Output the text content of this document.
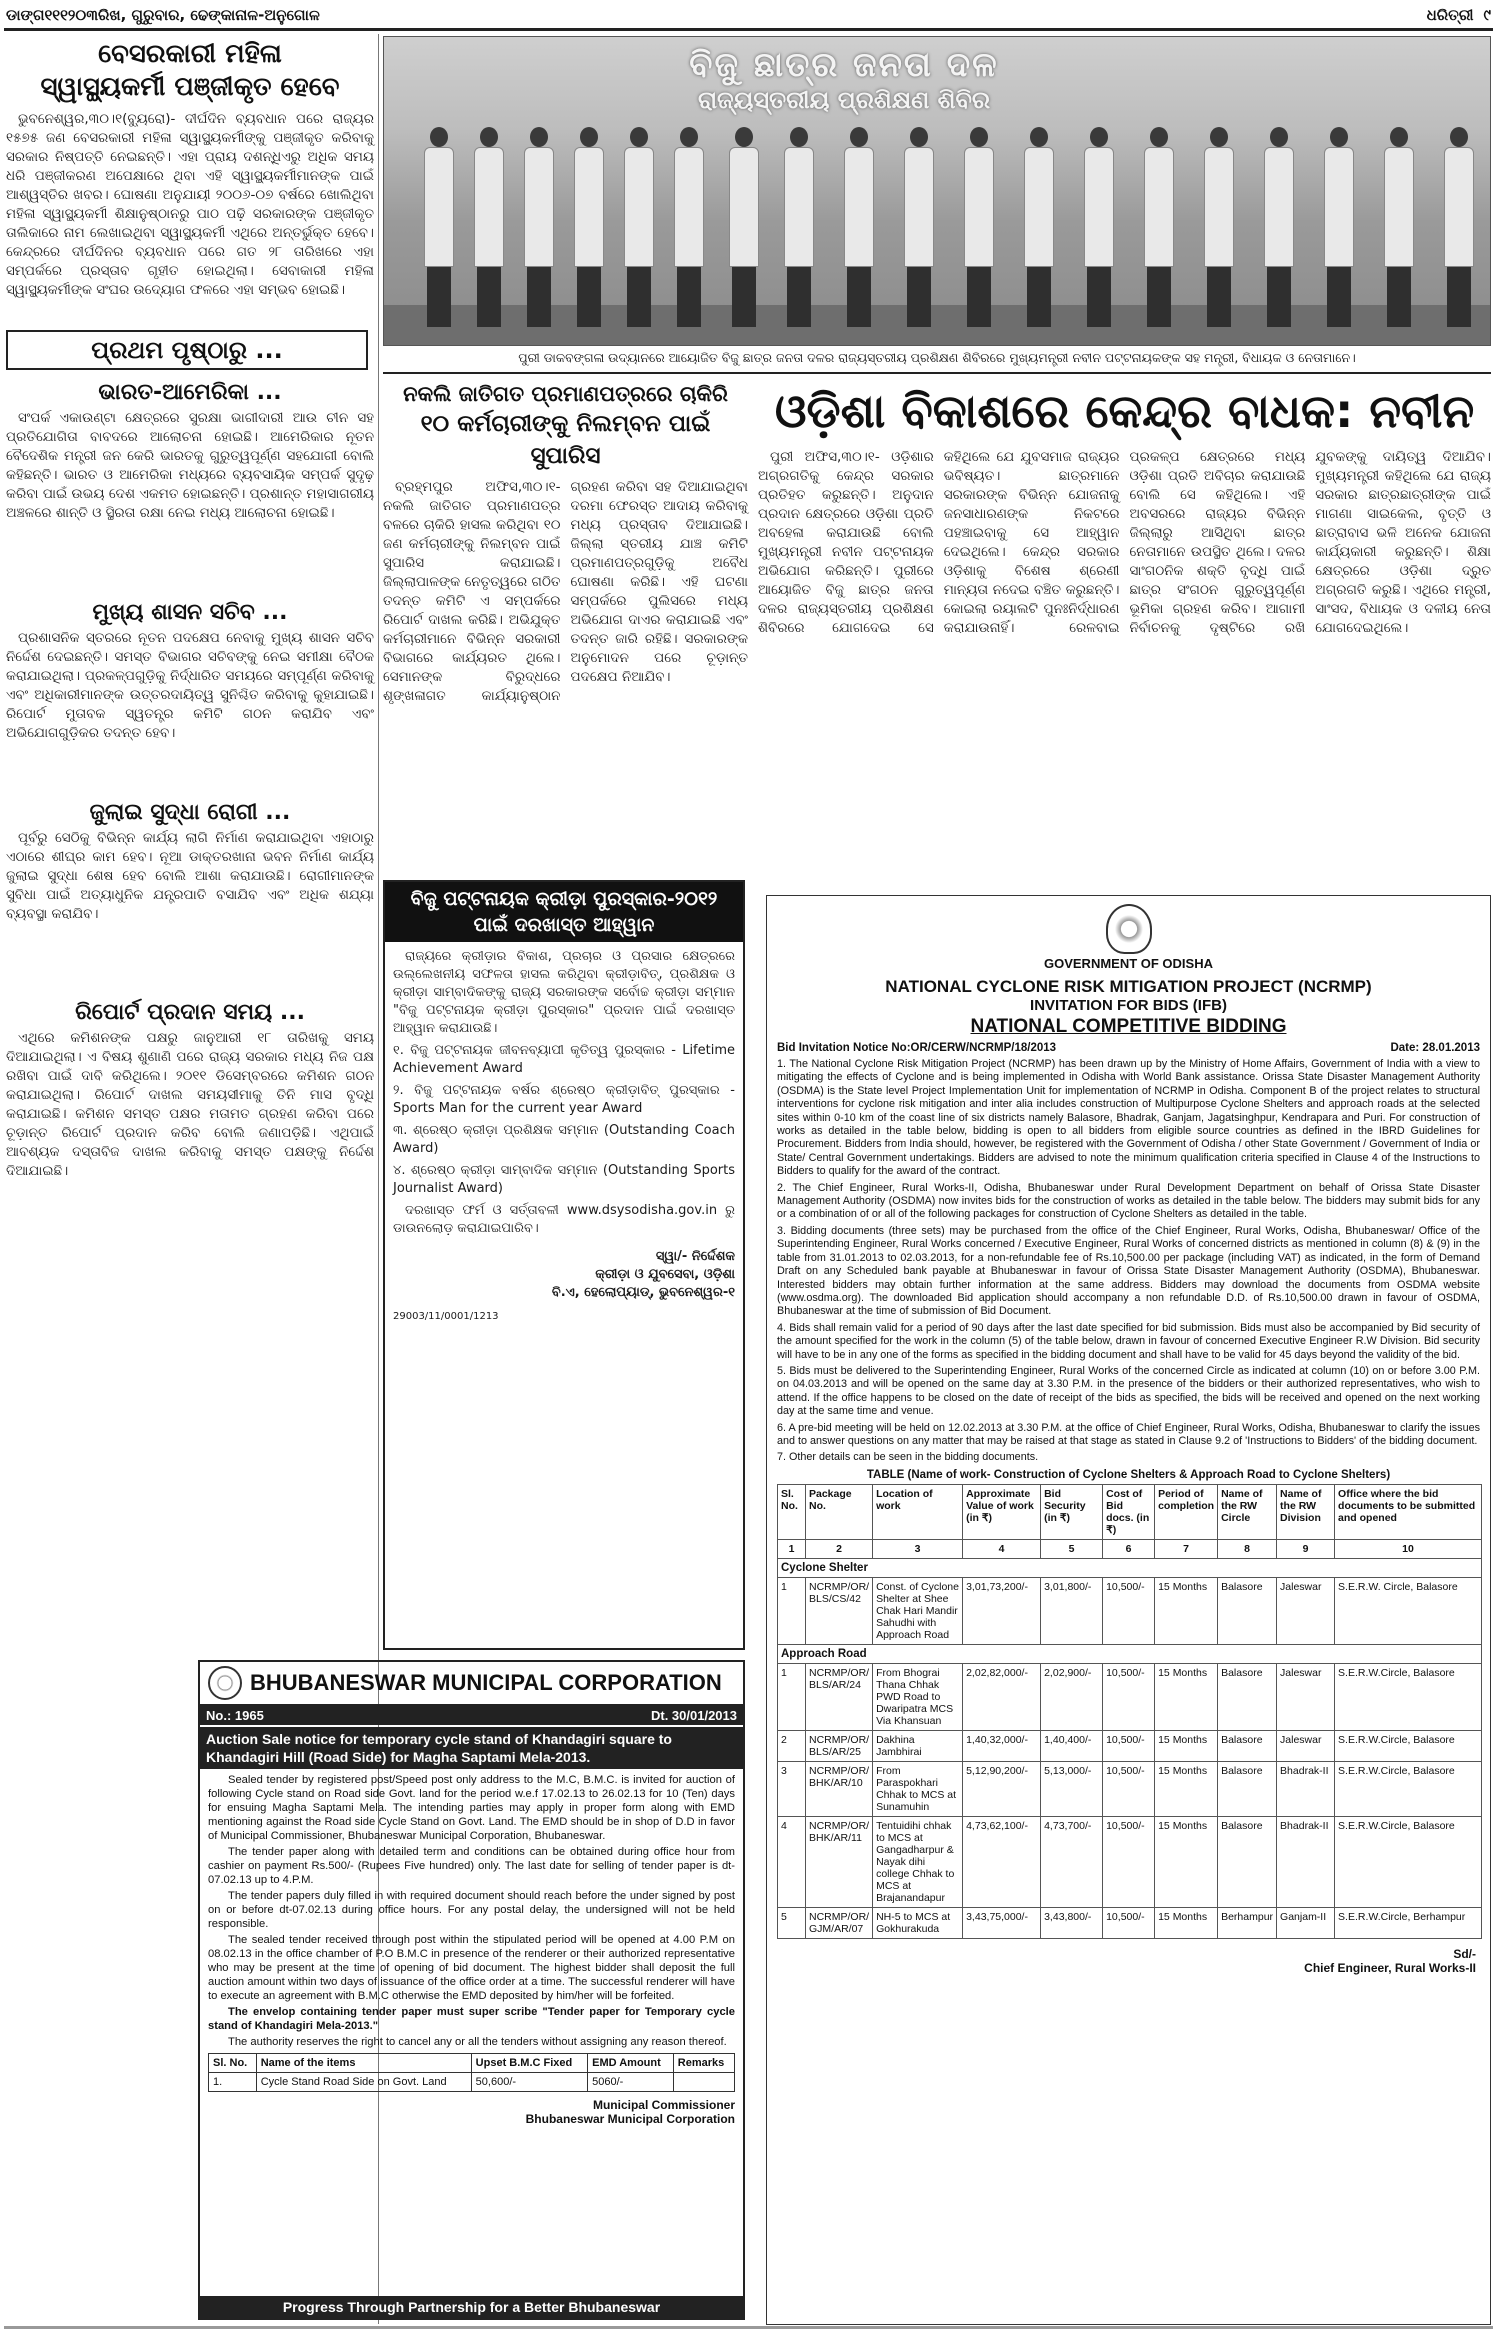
ଡାଙ୍ଗ୧୧୧୨୦୩ରିଖ, ଗୁରୁବାର, ଢେଙ୍କାନାଳ-ଅନୁଗୋଳ	ଧରିତ୍ରୀ ୯
ବେସରକାରୀ ମହିଳା
ସ୍ୱାସ୍ଥ୍ୟକର୍ମୀ ପଞ୍ଜୀକୃତ ହେବେ

ଭୁବନେଶ୍ୱର,୩୦।୧(ବ୍ୟୁରୋ)- ଦୀର୍ଘଦିନ ବ୍ୟବଧାନ ପରେ ରାଜ୍ୟର ୧୫୭୫ ଜଣ ବେସରକାରୀ ମହିଳା ସ୍ୱାସ୍ଥ୍ୟକର୍ମୀଙ୍କୁ ପଞ୍ଜୀକୃତ କରିବାକୁ ସରକାର ନିଷ୍ପତ୍ତି ନେଇଛନ୍ତି। ଏହା ପ୍ରାୟ ଦଶନ୍ଧିଏରୁ ଅଧିକ ସମୟ ଧରି ପଞ୍ଜୀକରଣ ଅପେକ୍ଷାରେ ଥିବା ଏହି ସ୍ୱାସ୍ଥ୍ୟକର୍ମୀମାନଙ୍କ ପାଇଁ ଆଶ୍ୱସ୍ତିର ଖବର। ଘୋଷଣା ଅନୁଯାୟୀ ୨୦୦୬-୦୭ ବର୍ଷରେ ଖୋଲିଥିବା ମହିଳା ସ୍ୱାସ୍ଥ୍ୟକର୍ମୀ ଶିକ୍ଷାନୁଷ୍ଠାନରୁ ପାଠ ପଢ଼ି ସରକାରଙ୍କ ପଞ୍ଜୀକୃତ ତାଲିକାରେ ନାମ ଲେଖାଇଥିବା ସ୍ୱାସ୍ଥ୍ୟକର୍ମୀ ଏଥିରେ ଅନ୍ତର୍ଭୁକ୍ତ ହେବେ। କେନ୍ଦ୍ରରେ ଦୀର୍ଘଦିନର ବ୍ୟବଧାନ ପରେ ଗତ ୨୮ ତାରିଖରେ ଏହା ସମ୍ପର୍କରେ ପ୍ରସ୍ତାବ ଗୃହୀତ ହୋଇଥିଲା। ସେବାକାରୀ ମହିଳା ସ୍ୱାସ୍ଥ୍ୟକର୍ମୀଙ୍କ ସଂଘର ଉଦ୍ୟୋଗ ଫଳରେ ଏହା ସମ୍ଭବ ହୋଇଛି।

ପ୍ରଥମ ପୃଷ୍ଠାରୁ ...
ଭାରତ-ଆମେରିକା ...

ସଂପର୍କ ଏକାଉଣ୍ଟା କ୍ଷେତ୍ରରେ ସୁରକ୍ଷା ଭାଗୀଦାରୀ ଆଉ ଚୀନ ସହ ପ୍ରତିଯୋଗିତା ବାବଦରେ ଆଲୋଚନା ହୋଇଛି। ଆମେରିକାର ନୂତନ ବୈଦେଶିକ ମନ୍ତ୍ରୀ ଜନ କେରି ଭାରତକୁ ଗୁରୁତ୍ୱପୂର୍ଣ୍ଣ ସହଯୋଗୀ ବୋଲି କହିଛନ୍ତି। ଭାରତ ଓ ଆମେରିକା ମଧ୍ୟରେ ବ୍ୟବସାୟିକ ସମ୍ପର୍କ ସୁଦୃଢ଼ କରିବା ପାଇଁ ଉଭୟ ଦେଶ ଏକମତ ହୋଇଛନ୍ତି। ପ୍ରଶାନ୍ତ ମହାସାଗରୀୟ ଅଞ୍ଚଳରେ ଶାନ୍ତି ଓ ସ୍ଥିରତା ରକ୍ଷା ନେଇ ମଧ୍ୟ ଆଲୋଚନା ହୋଇଛି।

ମୁଖ୍ୟ ଶାସନ ସଚିବ ...

ପ୍ରଶାସନିକ ସ୍ତରରେ ନୂତନ ପଦକ୍ଷେପ ନେବାକୁ ମୁଖ୍ୟ ଶାସନ ସଚିବ ନିର୍ଦ୍ଦେଶ ଦେଇଛନ୍ତି। ସମସ୍ତ ବିଭାଗର ସଚିବଙ୍କୁ ନେଇ ସମୀକ୍ଷା ବୈଠକ କରାଯାଇଥିଲା। ପ୍ରକଳ୍ପଗୁଡ଼ିକୁ ନିର୍ଦ୍ଧାରିତ ସମୟରେ ସମ୍ପୂର୍ଣ୍ଣ କରିବାକୁ ଏବଂ ଅଧିକାରୀମାନଙ୍କ ଉତ୍ତରଦାୟିତ୍ୱ ସୁନିଶ୍ଚିତ କରିବାକୁ କୁହାଯାଇଛି। ରିପୋର୍ଟ ମୁତାବକ ସ୍ୱତନ୍ତ୍ର କମିଟି ଗଠନ କରାଯିବ ଏବଂ ଅଭିଯୋଗଗୁଡ଼ିକର ତଦନ୍ତ ହେବ।

ଜୁଲାଇ ସୁଦ୍ଧା ରୋଗୀ ...

ପୂର୍ବରୁ ସେଠିକୁ ବିଭିନ୍ନ କାର୍ଯ୍ୟ ଲାଗି ନିର୍ମାଣ କରାଯାଇଥିବା ଏହାଠାରୁ ଏଠାରେ ଶୀଘ୍ର କାମ ହେବ। ନୂଆ ଡାକ୍ତରଖାନା ଭବନ ନିର୍ମାଣ କାର୍ଯ୍ୟ ଜୁଲାଇ ସୁଦ୍ଧା ଶେଷ ହେବ ବୋଲି ଆଶା କରାଯାଉଛି। ରୋଗୀମାନଙ୍କ ସୁବିଧା ପାଇଁ ଅତ୍ୟାଧୁନିକ ଯନ୍ତ୍ରପାତି ବସାଯିବ ଏବଂ ଅଧିକ ଶଯ୍ୟା ବ୍ୟବସ୍ଥା କରାଯିବ।

ରିପୋର୍ଟ ପ୍ରଦାନ ସମୟ ...

ଏଥିରେ କମିଶନଙ୍କ ପକ୍ଷରୁ ଜାନୁଆରୀ ୧୮ ତାରିଖକୁ ସମୟ ଦିଆଯାଇଥିଲା। ଏ ବିଷୟ ଶୁଣାଣି ପରେ ରାଜ୍ୟ ସରକାର ମଧ୍ୟ ନିଜ ପକ୍ଷ ରଖିବା ପାଇଁ ଦାବି କରିଥିଲେ। ୨୦୧୧ ଡିସେମ୍ବରରେ କମିଶନ ଗଠନ କରାଯାଇଥିଲା। ରିପୋର୍ଟ ଦାଖଲ ସମୟସୀମାକୁ ତିନି ମାସ ବୃଦ୍ଧି କରାଯାଇଛି। କମିଶନ ସମସ୍ତ ପକ୍ଷର ମତାମତ ଗ୍ରହଣ କରିବା ପରେ ଚୂଡ଼ାନ୍ତ ରିପୋର୍ଟ ପ୍ରଦାନ କରିବ ବୋଲି ଜଣାପଡ଼ିଛି। ଏଥିପାଇଁ ଆବଶ୍ୟକ ଦସ୍ତାବିଜ ଦାଖଲ କରିବାକୁ ସମସ୍ତ ପକ୍ଷଙ୍କୁ ନିର୍ଦ୍ଦେଶ ଦିଆଯାଇଛି।

ବିଜୁ ଛାତ୍ର ଜନତା ଦଳ
ରାଜ୍ୟସ୍ତରୀୟ ପ୍ରଶିକ୍ଷଣ ଶିବିର
ପୁରୀ ଡାକବଙ୍ଗଳା ଉଦ୍ୟାନରେ ଆୟୋଜିତ ବିଜୁ ଛାତ୍ର ଜନତା ଦଳର ରାଜ୍ୟସ୍ତରୀୟ ପ୍ରଶିକ୍ଷଣ ଶିବିରରେ ମୁଖ୍ୟମନ୍ତ୍ରୀ ନବୀନ ପଟ୍ଟନାୟକଙ୍କ ସହ ମନ୍ତ୍ରୀ, ବିଧାୟକ ଓ ନେତାମାନେ।
ନକଲି ଜାତିଗତ ପ୍ରମାଣପତ୍ରରେ ଚାକିରି
୧୦ କର୍ମଚାରୀଙ୍କୁ ନିଲମ୍ବନ ପାଇଁ ସୁପାରିସ

ବ୍ରହ୍ମପୁର ଅଫିସ,୩୦।୧- ନକଲି ଜାତିଗତ ପ୍ରମାଣପତ୍ର ବଳରେ ଚାକିରି ହାସଲ କରିଥିବା ୧୦ ଜଣ କର୍ମଚାରୀଙ୍କୁ ନିଲମ୍ବନ ପାଇଁ ସୁପାରିସ କରାଯାଇଛି। ଜିଲ୍ଲାପାଳଙ୍କ ନେତୃତ୍ୱରେ ଗଠିତ ତଦନ୍ତ କମିଟି ଏ ସମ୍ପର୍କରେ ରିପୋର୍ଟ ଦାଖଲ କରିଛି। ଅଭିଯୁକ୍ତ କର୍ମଚାରୀମାନେ ବିଭିନ୍ନ ସରକାରୀ ବିଭାଗରେ କାର୍ଯ୍ୟରତ ଥିଲେ। ସେମାନଙ୍କ ବିରୁଦ୍ଧରେ ଶୃଙ୍ଖଳାଗତ କାର୍ଯ୍ୟାନୁଷ୍ଠାନ ଗ୍ରହଣ କରିବା ସହ ଦିଆଯାଇଥିବା ଦରମା ଫେରସ୍ତ ଆଦାୟ କରିବାକୁ ମଧ୍ୟ ପ୍ରସ୍ତାବ ଦିଆଯାଇଛି। ଜିଲ୍ଲା ସ୍ତରୀୟ ଯାଞ୍ଚ କମିଟି ପ୍ରମାଣପତ୍ରଗୁଡ଼ିକୁ ଅବୈଧ ଘୋଷଣା କରିଛି। ଏହି ଘଟଣା ସମ୍ପର୍କରେ ପୁଲିସରେ ମଧ୍ୟ ଅଭିଯୋଗ ଦାଏର କରାଯାଇଛି ଏବଂ ତଦନ୍ତ ଜାରି ରହିଛି। ସରକାରଙ୍କ ଅନୁମୋଦନ ପରେ ଚୂଡ଼ାନ୍ତ ପଦକ୍ଷେପ ନିଆଯିବ।

ଓଡ଼ିଶା ବିକାଶରେ କେନ୍ଦ୍ର ବାଧକ: ନବୀନ

ପୁରୀ ଅଫିସ,୩୦।୧- ଓଡ଼ିଶାର ଅଗ୍ରଗତିକୁ କେନ୍ଦ୍ର ସରକାର ପ୍ରତିହତ କରୁଛନ୍ତି। ଅନୁଦାନ ପ୍ରଦାନ କ୍ଷେତ୍ରରେ ଓଡ଼ିଶା ପ୍ରତି ଅବହେଳା କରାଯାଉଛି ବୋଲି ମୁଖ୍ୟମନ୍ତ୍ରୀ ନବୀନ ପଟ୍ଟନାୟକ ଅଭିଯୋଗ କରିଛନ୍ତି। ପୁରୀରେ ଆୟୋଜିତ ବିଜୁ ଛାତ୍ର ଜନତା ଦଳର ରାଜ୍ୟସ୍ତରୀୟ ପ୍ରଶିକ୍ଷଣ ଶିବିରରେ ଯୋଗଦେଇ ସେ କହିଥିଲେ ଯେ ଯୁବସମାଜ ରାଜ୍ୟର ଭବିଷ୍ୟତ। ଛାତ୍ରମାନେ ସରକାରଙ୍କ ବିଭିନ୍ନ ଯୋଜନାକୁ ଜନସାଧାରଣଙ୍କ ନିକଟରେ ପହଞ୍ଚାଇବାକୁ ସେ ଆହ୍ୱାନ ଦେଇଥିଲେ। କେନ୍ଦ୍ର ସରକାର ଓଡ଼ିଶାକୁ ବିଶେଷ ଶ୍ରେଣୀ ମାନ୍ୟତା ନଦେଇ ବଞ୍ଚିତ କରୁଛନ୍ତି। କୋଇଲା ରୟାଲଟି ପୁନଃନିର୍ଦ୍ଧାରଣ କରାଯାଉନାହିଁ। ରେଳବାଇ ପ୍ରକଳ୍ପ କ୍ଷେତ୍ରରେ ମଧ୍ୟ ଓଡ଼ିଶା ପ୍ରତି ଅବିଚାର କରାଯାଉଛି ବୋଲି ସେ କହିଥିଲେ। ଏହି ଅବସରରେ ରାଜ୍ୟର ବିଭିନ୍ନ ଜିଲ୍ଲାରୁ ଆସିଥିବା ଛାତ୍ର ନେତାମାନେ ଉପସ୍ଥିତ ଥିଲେ। ଦଳର ସାଂଗଠନିକ ଶକ୍ତି ବୃଦ୍ଧି ପାଇଁ ଛାତ୍ର ସଂଗଠନ ଗୁରୁତ୍ୱପୂର୍ଣ୍ଣ ଭୂମିକା ଗ୍ରହଣ କରିବ। ଆଗାମୀ ନିର୍ବାଚନକୁ ଦୃଷ୍ଟିରେ ରଖି ଯୁବକଙ୍କୁ ଦାୟିତ୍ୱ ଦିଆଯିବ। ମୁଖ୍ୟମନ୍ତ୍ରୀ କହିଥିଲେ ଯେ ରାଜ୍ୟ ସରକାର ଛାତ୍ରଛାତ୍ରୀଙ୍କ ପାଇଁ ମାଗଣା ସାଇକେଲ, ବୃତ୍ତି ଓ ଛାତ୍ରାବାସ ଭଳି ଅନେକ ଯୋଜନା କାର୍ଯ୍ୟକାରୀ କରୁଛନ୍ତି। ଶିକ୍ଷା କ୍ଷେତ୍ରରେ ଓଡ଼ିଶା ଦ୍ରୁତ ଅଗ୍ରଗତି କରୁଛି। ଏଥିରେ ମନ୍ତ୍ରୀ, ସାଂସଦ, ବିଧାୟକ ଓ ଦଳୀୟ ନେତା ଯୋଗଦେଇଥିଲେ।

ବିଜୁ ପଟ୍ଟନାୟକ କ୍ରୀଡ଼ା ପୁରସ୍କାର-୨୦୧୨
ପାଇଁ ଦରଖାସ୍ତ ଆହ୍ୱାନ

ରାଜ୍ୟରେ କ୍ରୀଡ଼ାର ବିକାଶ, ପ୍ରଚାର ଓ ପ୍ରସାର କ୍ଷେତ୍ରରେ ଉଲ୍ଲେଖନୀୟ ସଫଳତା ହାସଲ କରିଥିବା କ୍ରୀଡ଼ାବିତ୍, ପ୍ରଶିକ୍ଷକ ଓ କ୍ରୀଡ଼ା ସାମ୍ବାଦିକଙ୍କୁ ରାଜ୍ୟ ସରକାରଙ୍କ ସର୍ବୋଚ୍ଚ କ୍ରୀଡ଼ା ସମ୍ମାନ "ବିଜୁ ପଟ୍ଟନାୟକ କ୍ରୀଡ଼ା ପୁରସ୍କାର" ପ୍ରଦାନ ପାଇଁ ଦରଖାସ୍ତ ଆହ୍ୱାନ କରାଯାଉଛି।

୧. ବିଜୁ ପଟ୍ଟନାୟକ ଜୀବନବ୍ୟାପୀ କୃତିତ୍ୱ ପୁରସ୍କାର - Lifetime Achievement Award

୨. ବିଜୁ ପଟ୍ଟନାୟକ ବର୍ଷର ଶ୍ରେଷ୍ଠ କ୍ରୀଡ଼ାବିତ୍ ପୁରସ୍କାର - Sports Man for the current year Award

୩. ଶ୍ରେଷ୍ଠ କ୍ରୀଡ଼ା ପ୍ରଶିକ୍ଷକ ସମ୍ମାନ (Outstanding Coach Award)

୪. ଶ୍ରେଷ୍ଠ କ୍ରୀଡ଼ା ସାମ୍ବାଦିକ ସମ୍ମାନ (Outstanding Sports Journalist Award)

ଦରଖାସ୍ତ ଫର୍ମ ଓ ସର୍ତ୍ତାବଳୀ www.dsysodisha.gov.in ରୁ ଡାଉନଲୋଡ଼ କରାଯାଇପାରିବ।

ସ୍ୱା/- ନିର୍ଦ୍ଦେଶକ
କ୍ରୀଡ଼ା ଓ ଯୁବସେବା, ଓଡ଼ିଶା
ବି.ଏ, ହେଲୋପ୍ୟାଡ୍, ଭୁବନେଶ୍ୱର-୧
29003/11/0001/1213
BHUBANESWAR MUNICIPAL CORPORATION
No.: 1965	Dt. 30/01/2013
Auction Sale notice for temporary cycle stand of Khandagiri square to Khandagiri Hill (Road Side) for Magha Saptami Mela-2013.

Sealed tender by registered post/Speed post only address to the M.C, B.M.C. is invited for auction of following Cycle stand on Road side Govt. land for the period w.e.f 17.02.13 to 26.02.13 for 10 (Ten) days for ensuing Magha Saptami Mela. The intending parties may apply in proper form along with EMD mentioning against the Road side Cycle Stand on Govt. Land. The EMD should be in shop of D.D in favor of Municipal Commissioner, Bhubaneswar Municipal Corporation, Bhubaneswar.

The tender paper along with detailed term and conditions can be obtained during office hour from cashier on payment Rs.500/- (Rupees Five hundred) only. The last date for selling of tender paper is dt-07.02.13 up to 4.P.M.

The tender papers duly filled in with required document should reach before the under signed by post on or before dt-07.02.13 during office hours. For any postal delay, the undersigned will not be held responsible.

The sealed tender received through post within the stipulated period will be opened at 4.00 P.M on 08.02.13 in the office chamber of P.O B.M.C in presence of the renderer or their authorized representative who may be present at the time of opening of bid document. The highest bidder shall deposit the full auction amount within two days of issuance of the office order at a time. The successful renderer will have to execute an agreement with B.M.C otherwise the EMD deposited by him/her will be forfeited.

The envelop containing tender paper must super scribe "Tender paper for Temporary cycle stand of Khandagiri Mela-2013."

The authority reserves the right to cancel any or all the tenders without assigning any reason thereof.

Sl. No.	Name of the items	Upset B.M.C Fixed	EMD Amount	Remarks
1.	Cycle Stand Road Side on Govt. Land	50,600/-	5060/-	
Municipal Commissioner
Bhubaneswar Municipal Corporation
Progress Through Partnership for a Better Bhubaneswar
GOVERNMENT OF ODISHA
NATIONAL CYCLONE RISK MITIGATION PROJECT (NCRMP)
INVITATION FOR BIDS (IFB)
NATIONAL COMPETITIVE BIDDING
Bid Invitation Notice No:OR/CERW/NCRMP/18/2013	Date: 28.01.2013

1. The National Cyclone Risk Mitigation Project (NCRMP) has been drawn up by the Ministry of Home Affairs, Government of India with a view to mitigating the effects of Cyclone and is being implemented in Odisha with World Bank assistance. Orissa State Disaster Management Authority (OSDMA) is the State level Project Implementation Unit for implementation of NCRMP in Odisha. Component B of the project relates to structural interventions for cyclone risk mitigation and inter alia includes construction of Multipurpose Cyclone Shelters and approach roads at the selected sites within 0-10 km of the coast line of six districts namely Balasore, Bhadrak, Ganjam, Jagatsinghpur, Kendrapara and Puri. For construction of works as detailed in the table below, bidding is open to all bidders from eligible source countries as defined in the IBRD Guidelines for Procurement. Bidders from India should, however, be registered with the Government of Odisha / other State Government / Government of India or State/ Central Government undertakings. Bidders are advised to note the minimum qualification criteria specified in Clause 4 of the Instructions to Bidders to qualify for the award of the contract.

2. The Chief Engineer, Rural Works-II, Odisha, Bhubaneswar under Rural Development Department on behalf of Orissa State Disaster Management Authority (OSDMA) now invites bids for the construction of works as detailed in the table below. The bidders may submit bids for any or a combination of or all of the following packages for construction of Cyclone Shelters as detailed in the table.

3. Bidding documents (three sets) may be purchased from the office of the Chief Engineer, Rural Works, Odisha, Bhubaneswar/ Office of the Superintending Engineer, Rural Works concerned / Executive Engineer, Rural Works of concerned districts as mentioned in column (8) & (9) in the table from 31.01.2013 to 02.03.2013, for a non-refundable fee of Rs.10,500.00 per package (including VAT) as indicated, in the form of Demand Draft on any Scheduled bank payable at Bhubaneswar in favour of Orissa State Disaster Management Authority (OSDMA), Bhubaneswar. Interested bidders may obtain further information at the same address. Bidders may download the documents from OSDMA website (www.osdma.org). The downloaded Bid application should accompany a non refundable D.D. of Rs.10,500.00 drawn in favour of OSDMA, Bhubaneswar at the time of submission of Bid Document.

4. Bids shall remain valid for a period of 90 days after the last date specified for bid submission. Bids must also be accompanied by Bid security of the amount specified for the work in the column (5) of the table below, drawn in favour of concerned Executive Engineer R.W Division. Bid security will have to be in any one of the forms as specified in the bidding document and shall have to be valid for 45 days beyond the validity of the bid.

5. Bids must be delivered to the Superintending Engineer, Rural Works of the concerned Circle as indicated at column (10) on or before 3.00 P.M. on 04.03.2013 and will be opened on the same day at 3.30 P.M. in the presence of the bidders or their authorized representatives, who wish to attend. If the office happens to be closed on the date of receipt of the bids as specified, the bids will be received and opened on the next working day at the same time and venue.

6. A pre-bid meeting will be held on 12.02.2013 at 3.30 P.M. at the office of Chief Engineer, Rural Works, Odisha, Bhubaneswar to clarify the issues and to answer questions on any matter that may be raised at that stage as stated in Clause 9.2 of 'Instructions to Bidders' of the bidding document.

7. Other details can be seen in the bidding documents.

TABLE (Name of work- Construction of Cyclone Shelters & Approach Road to Cyclone Shelters)
Sl. No.	Package No.	Location of work	Approximate Value of work (in ₹)	Bid Security (in ₹)	Cost of Bid docs. (in ₹)	Period of completion	Name of the RW Circle	Name of the RW Division	Office where the bid documents to be submitted and opened
1	2	3	4	5	6	7	8	9	10
Cyclone Shelter									
1	NCRMP/OR/ BLS/CS/42	Const. of Cyclone Shelter at Shee Chak Hari Mandir Sahudhi with Approach Road	3,01,73,200/-	3,01,800/-	10,500/-	15 Months	Balasore	Jaleswar	S.E.R.W. Circle, Balasore
Approach Road									
1	NCRMP/OR/ BLS/AR/24	From Bhograi Thana Chhak PWD Road to Dwaripatra MCS Via Khansuan	2,02,82,000/-	2,02,900/-	10,500/-	15 Months	Balasore	Jaleswar	S.E.R.W.Circle, Balasore
2	NCRMP/OR/ BLS/AR/25	Dakhina Jambhirai	1,40,32,000/-	1,40,400/-	10,500/-	15 Months	Balasore	Jaleswar	S.E.R.W.Circle, Balasore
3	NCRMP/OR/ BHK/AR/10	From Paraspokhari Chhak to MCS at Sunamuhin	5,12,90,200/-	5,13,000/-	10,500/-	15 Months	Balasore	Bhadrak-II	S.E.R.W.Circle, Balasore
4	NCRMP/OR/ BHK/AR/11	Tentuidihi chhak to MCS at Gangadharpur & Nayak dihi college Chhak to MCS at Brajanandapur	4,73,62,100/-	4,73,700/-	10,500/-	15 Months	Balasore	Bhadrak-II	S.E.R.W.Circle, Balasore
5	NCRMP/OR/ GJM/AR/07	NH-5 to MCS at Gokhurakuda	3,43,75,000/-	3,43,800/-	10,500/-	15 Months	Berhampur	Ganjam-II	S.E.R.W.Circle, Berhampur
Sd/-
Chief Engineer, Rural Works-II
